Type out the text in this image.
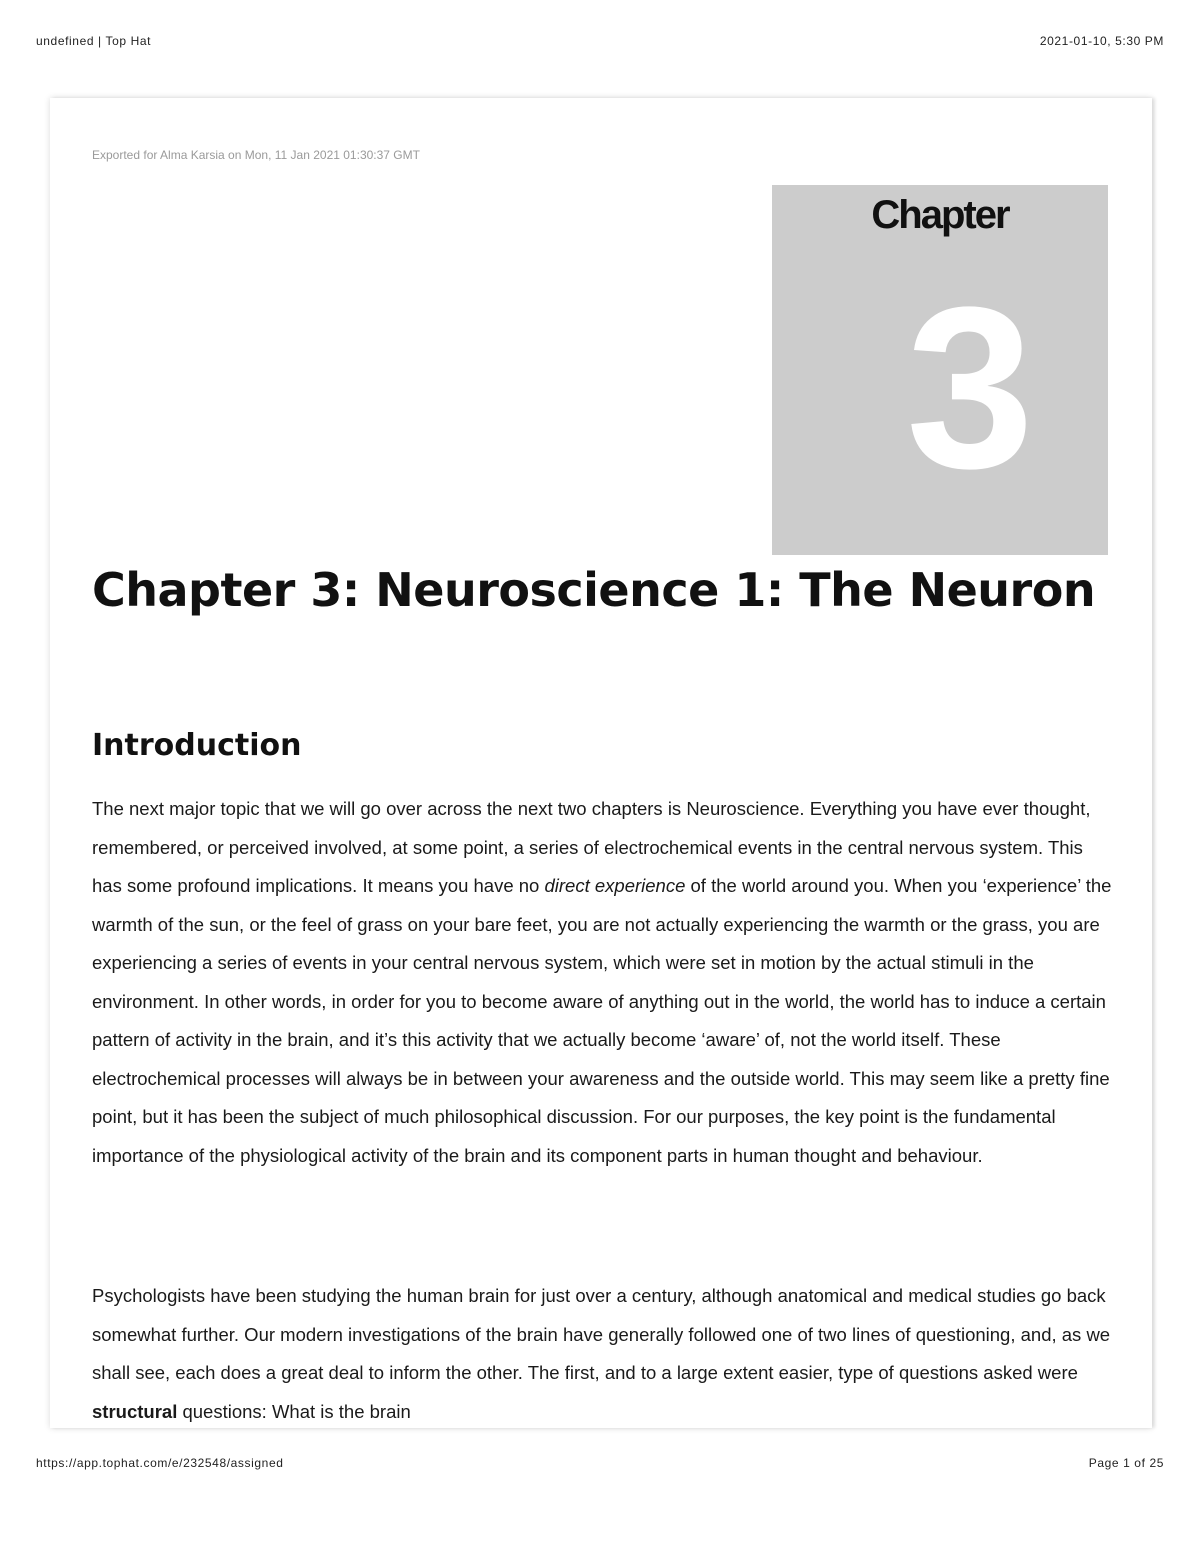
undefined | Top Hat	2021-01-10, 5:30 PM
Exported for Alma Karsia on Mon, 11 Jan 2021 01:30:37 GMT
Chapter
3
Chapter 3: Neuroscience 1: The Neuron
Introduction

The next major topic that we will go over across the next two chapters is Neuroscience. Everything you have ever thought, remembered, or perceived involved, at some point, a series of electrochemical events in the central nervous system. This has some profound implications. It means you have no direct experience of the world around you. When you ‘experience’ the warmth of the sun, or the feel of grass on your bare feet, you are not actually experiencing the warmth or the grass, you are experiencing a series of events in your central nervous system, which were set in motion by the actual stimuli in the environment. In other words, in order for you to become aware of anything out in the world, the world has to induce a certain pattern of activity in the brain, and it’s this activity that we actually become ‘aware’ of, not the world itself. These electrochemical processes will always be in between your awareness and the outside world. This may seem like a pretty fine point, but it has been the subject of much philosophical discussion. For our purposes, the key point is the fundamental importance of the physiological activity of the brain and its component parts in human thought and behaviour.

Psychologists have been studying the human brain for just over a century, although anatomical and medical studies go back somewhat further. Our modern investigations of the brain have generally followed one of two lines of questioning, and, as we shall see, each does a great deal to inform the other. The first, and to a large extent easier, type of questions asked were structural questions: What is the brain

https://app.tophat.com/e/232548/assigned	Page 1 of 25
